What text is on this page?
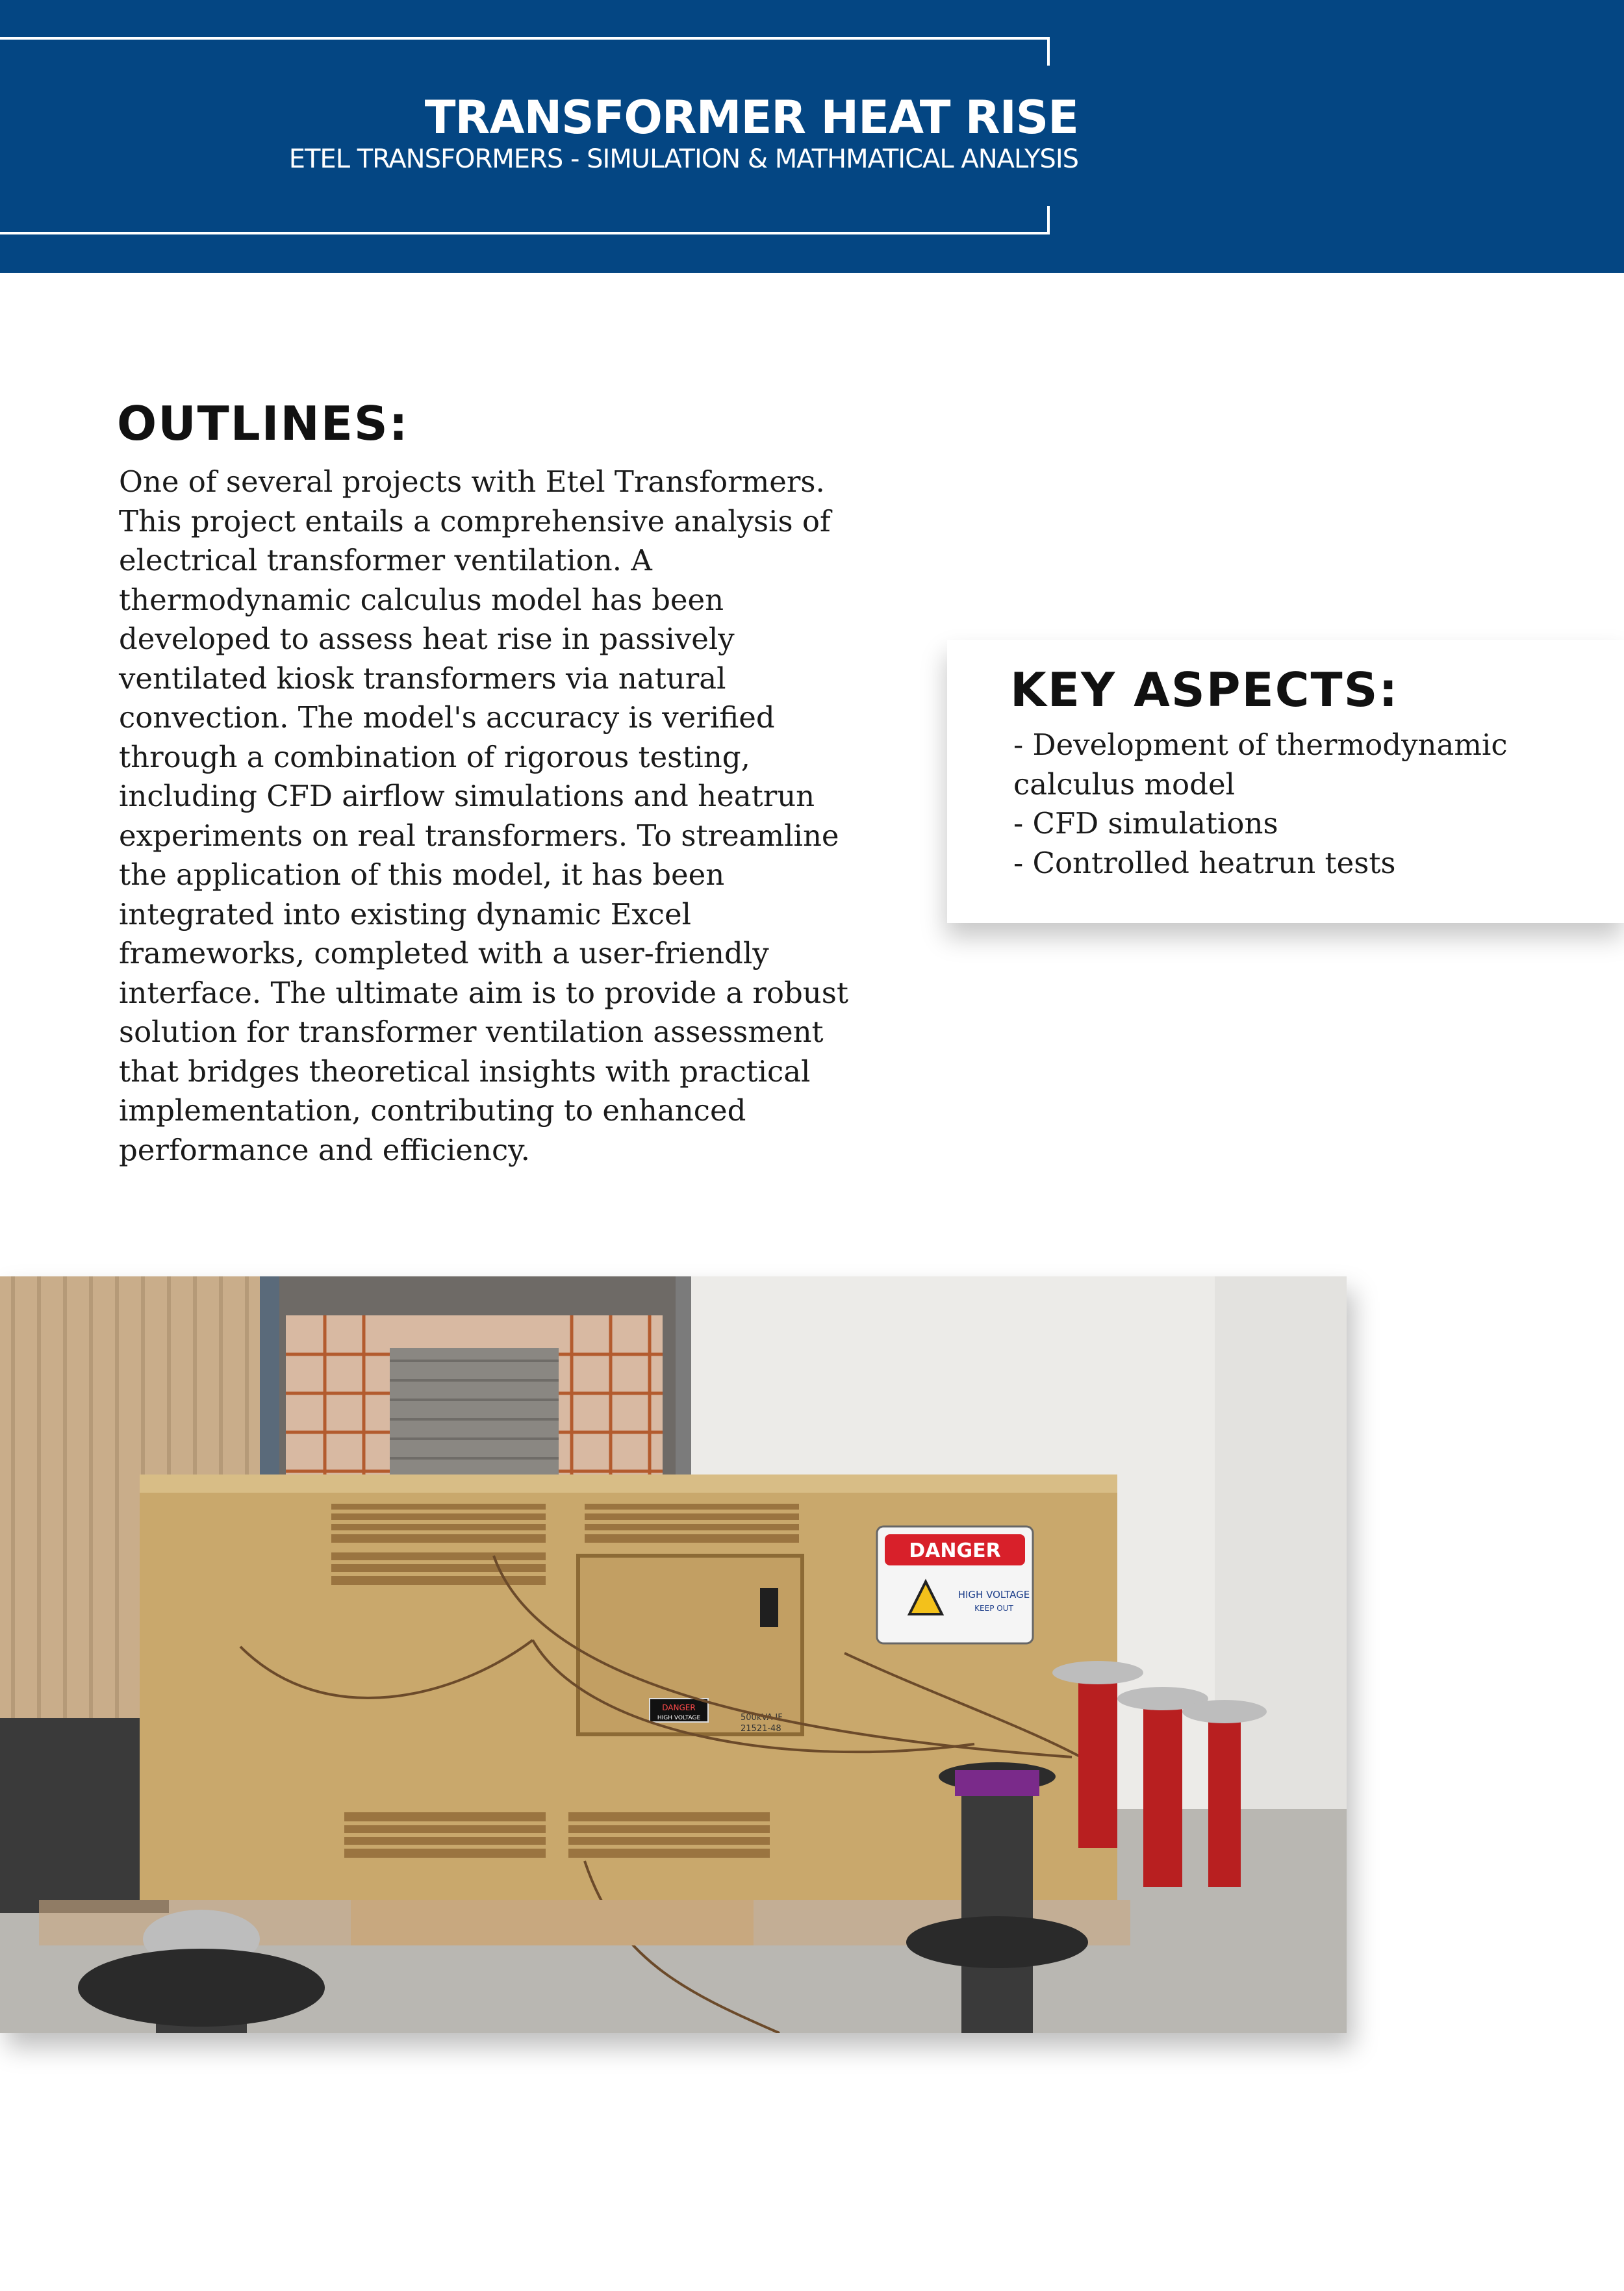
TRANSFORMER HEAT RISE
ETEL TRANSFORMERS - SIMULATION & MATHMATICAL ANALYSIS
OUTLINES:
One of several projects with Etel Transformers.
This project entails a comprehensive analysis of
electrical transformer ventilation. A
thermodynamic calculus model has been
developed to assess heat rise in passively
ventilated kiosk transformers via natural
convection. The model's accuracy is verified
through a combination of rigorous testing,
including CFD airflow simulations and heatrun
experiments on real transformers. To streamline
the application of this model, it has been
integrated into existing dynamic Excel
frameworks, completed with a user-friendly
interface. The ultimate aim is to provide a robust
solution for transformer ventilation assessment
that bridges theoretical insights with practical
implementation, contributing to enhanced
performance and efficiency.
KEY ASPECTS:
- Development of thermodynamic
calculus model
- CFD simulations
- Controlled heatrun tests
DANGER
HIGH VOLTAGE
KEEP OUT
DANGER
HIGH VOLTAGE	500kVA IF
21521-48
